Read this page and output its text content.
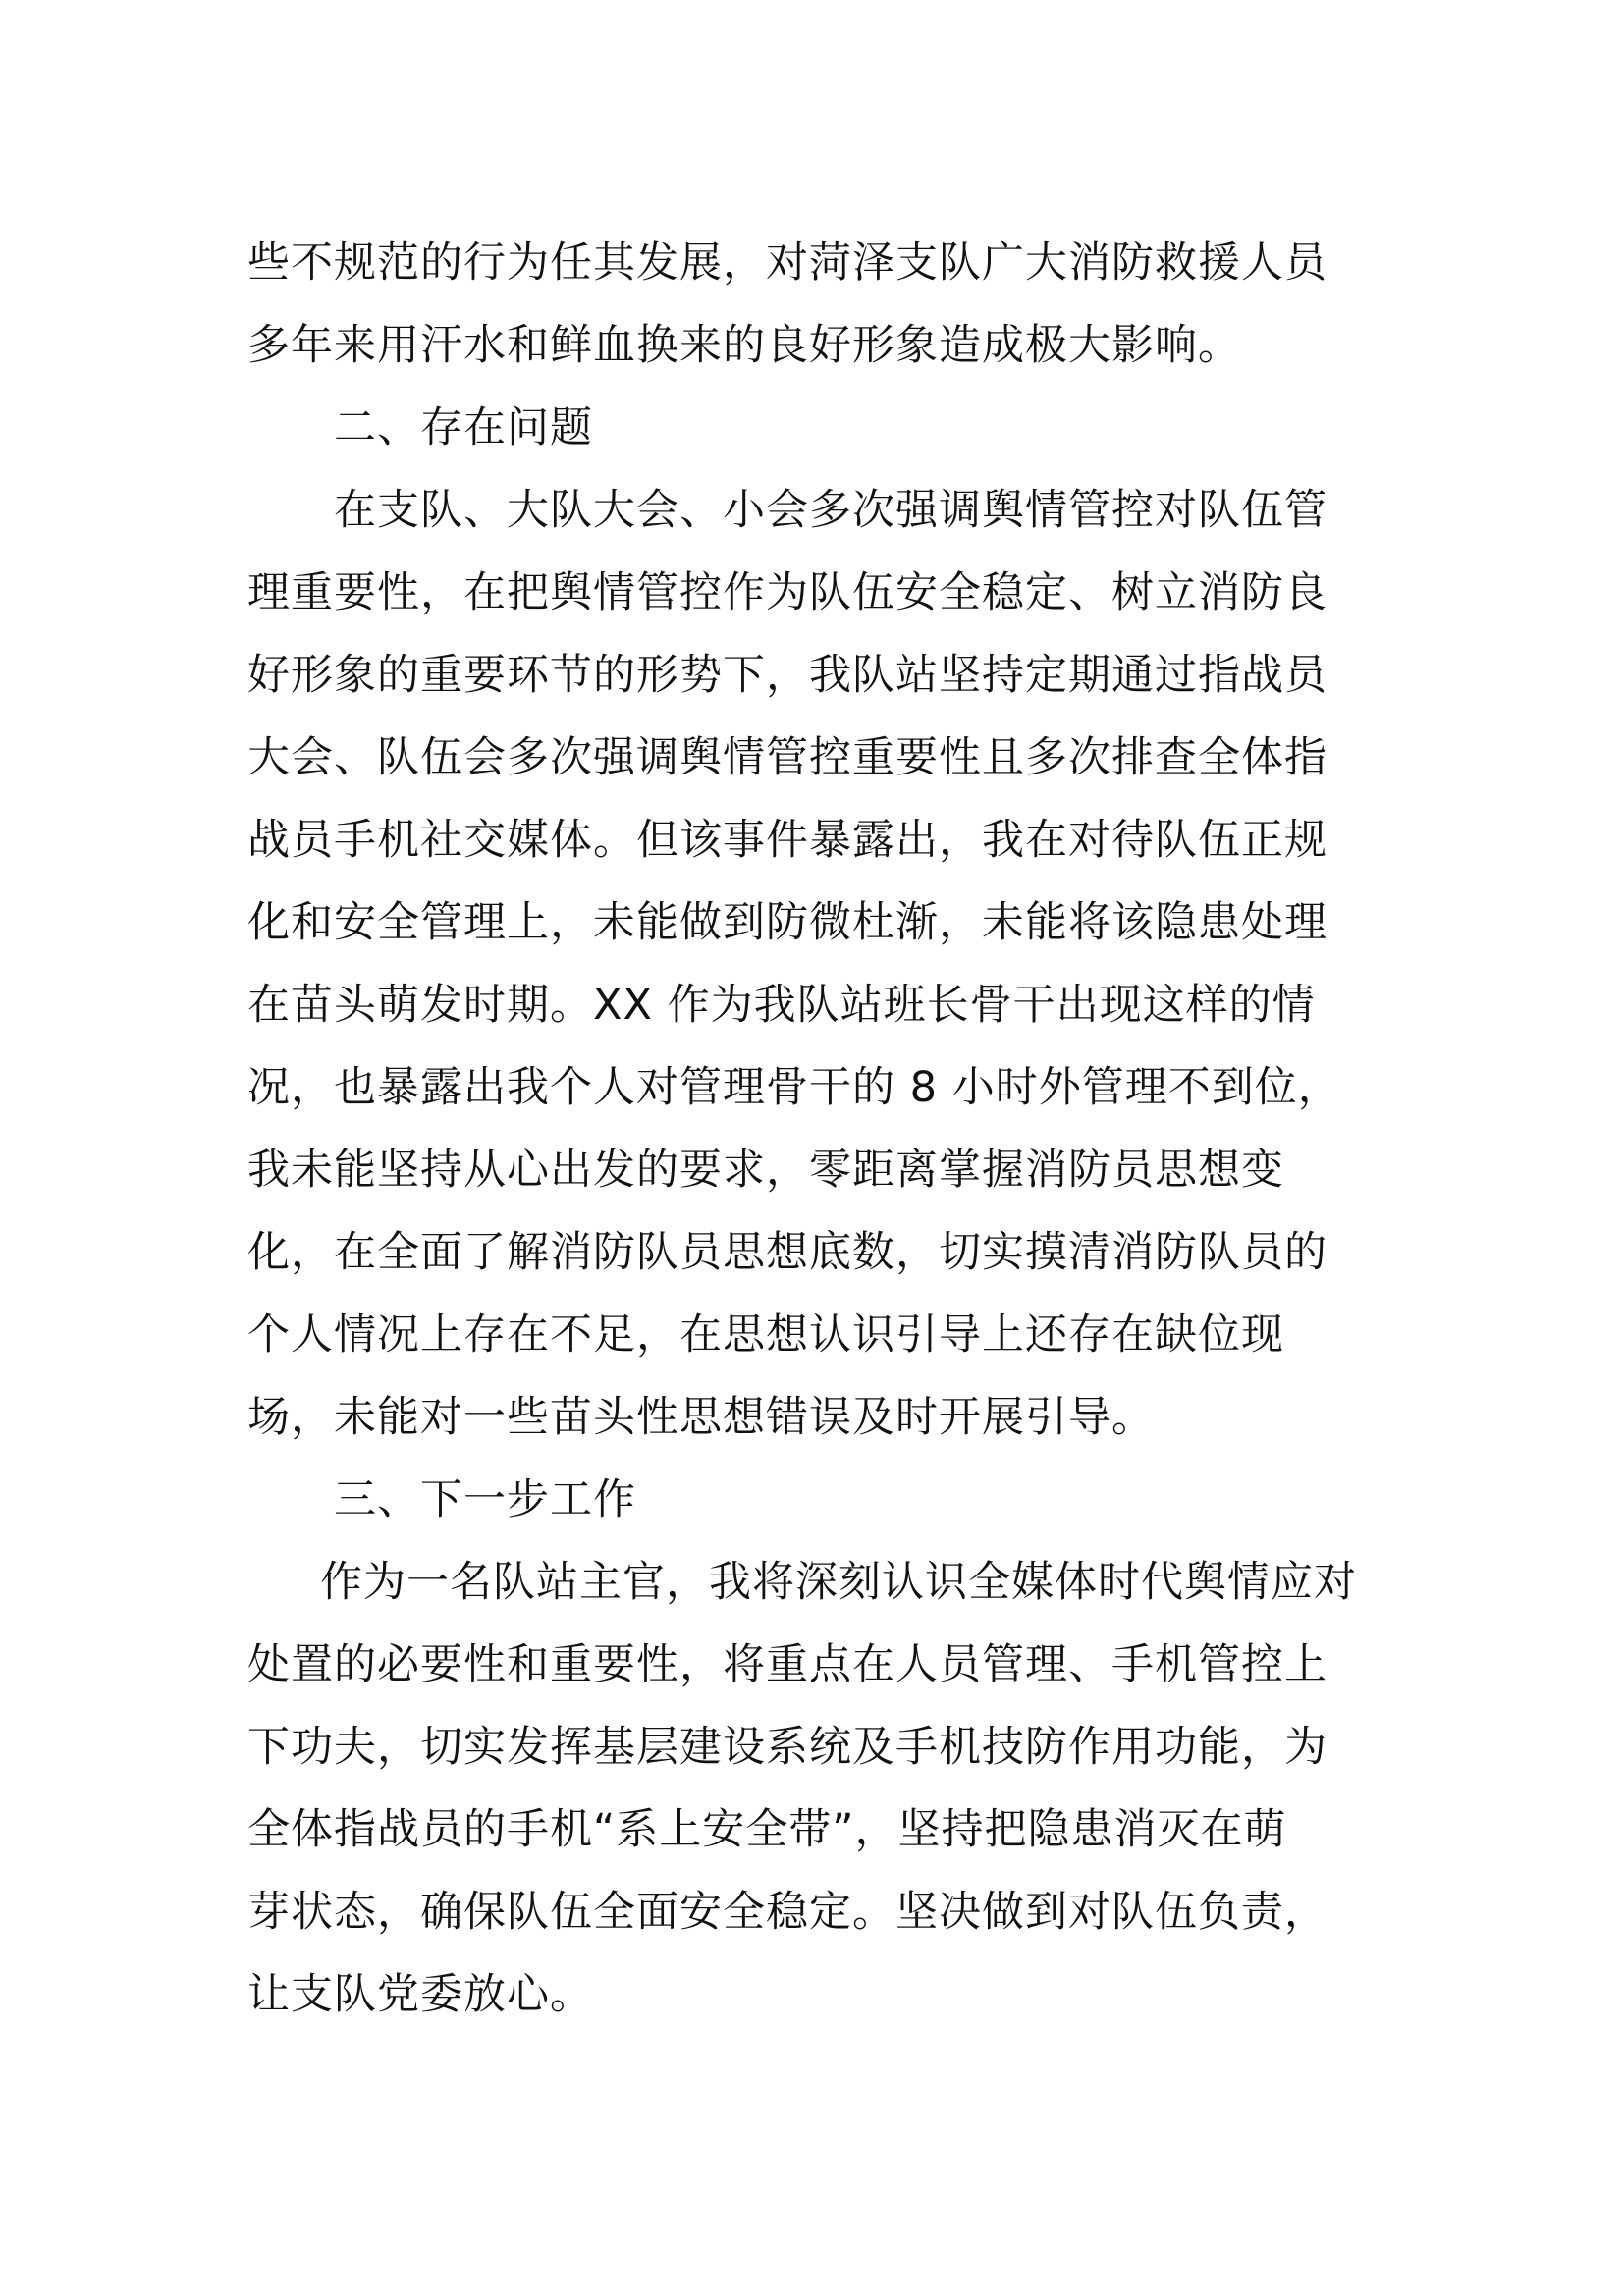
些不规范的行为任其发展，对菏泽支队广大消防救援人员
多年来用汗水和鲜血换来的良好形象造成极大影响。
二、存在问题
在支队、大队大会、小会多次强调舆情管控对队伍管
理重要性，在把舆情管控作为队伍安全稳定、树立消防良
好形象的重要环节的形势下，我队站坚持定期通过指战员
大会、队伍会多次强调舆情管控重要性且多次排查全体指
战员手机社交媒体。但该事件暴露出，我在对待队伍正规
化和安全管理上，未能做到防微杜渐，未能将该隐患处理
在苗头萌发时期。XX 作为我队站班长骨干出现这样的情
况，也暴露出我个人对管理骨干的 8 小时外管理不到位，
我未能坚持从心出发的要求，零距离掌握消防员思想变
化，在全面了解消防队员思想底数，切实摸清消防队员的
个人情况上存在不足，在思想认识引导上还存在缺位现
场，未能对一些苗头性思想错误及时开展引导。
三、下一步工作
作为一名队站主官，我将深刻认识全媒体时代舆情应对
处置的必要性和重要性，将重点在人员管理、手机管控上
下功夫，切实发挥基层建设系统及手机技防作用功能，为
全体指战员的手机“系上安全带”，坚持把隐患消灭在萌
芽状态，确保队伍全面安全稳定。坚决做到对队伍负责，
让支队党委放心。
